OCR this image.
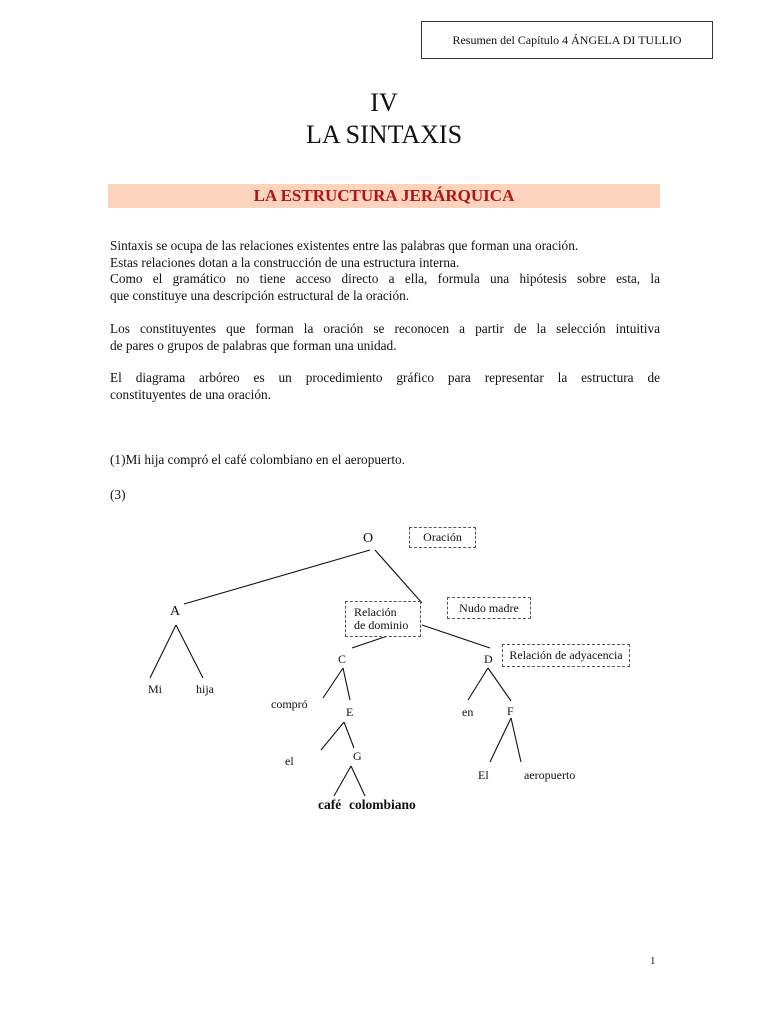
Resumen del Capítulo 4 ÁNGELA DI TULLIO
IV
LA SINTAXIS
LA ESTRUCTURA JERÁRQUICA
Sintaxis se ocupa de las relaciones existentes entre las palabras que forman una oración.
Estas relaciones dotan a la construcción de una estructura interna.
Como el gramático no tiene acceso directo a ella, formula una hipótesis sobre esta, la
que constituye una descripción estructural de la oración.
Los constituyentes que forman la oración se reconocen a partir de la selección intuitiva
de pares o grupos de palabras que forman una unidad.
El diagrama arbóreo es un procedimiento gráfico para representar la estructura de
constituyentes de una oración.
(1)Mi hija compró el café colombiano en el aeropuerto.
(3)
O
A
C	D
E	F
G
Mi	hija
compró
el
café colombiano
en
El	aeropuerto
Oración
Relación
de dominio
Nudo madre
Relación de adyacencia
1
